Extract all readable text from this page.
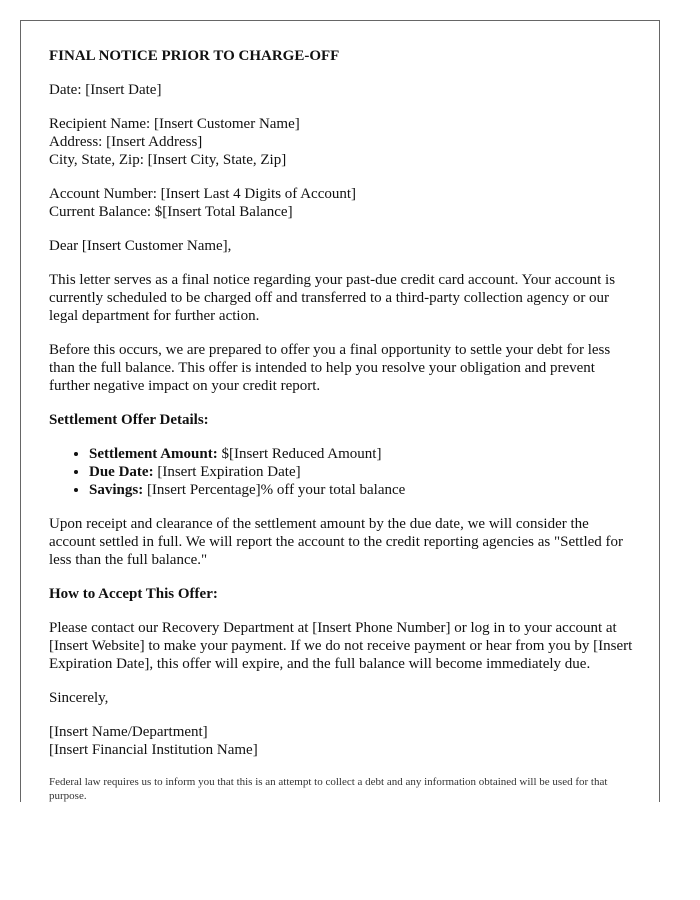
FINAL NOTICE PRIOR TO CHARGE-OFF

Date: [Insert Date]

Recipient Name: [Insert Customer Name]
Address: [Insert Address]
City, State, Zip: [Insert City, State, Zip]
Account Number: [Insert Last 4 Digits of Account]
Current Balance: $[Insert Total Balance]

Dear [Insert Customer Name],

This letter serves as a final notice regarding your past-due credit card account. Your account is currently scheduled to be charged off and transferred to a third-party collection agency or our legal department for further action.

Before this occurs, we are prepared to offer you a final opportunity to settle your debt for less than the full balance. This offer is intended to help you resolve your obligation and prevent further negative impact on your credit report.

Settlement Offer Details:
• Settlement Amount: $[Insert Reduced Amount]
• Due Date: [Insert Expiration Date]
• Savings: [Insert Percentage]% off your total balance

Upon receipt and clearance of the settlement amount by the due date, we will consider the account settled in full. We will report the account to the credit reporting agencies as "Settled for less than the full balance."

How to Accept This Offer:

Please contact our Recovery Department at [Insert Phone Number] or log in to your account at [Insert Website] to make your payment. If we do not receive payment or hear from you by [Insert Expiration Date], this offer will expire, and the full balance will become immediately due.

Sincerely,

[Insert Name/Department]
[Insert Financial Institution Name]

Federal law requires us to inform you that this is an attempt to collect a debt and any information obtained will be used for that purpose.
